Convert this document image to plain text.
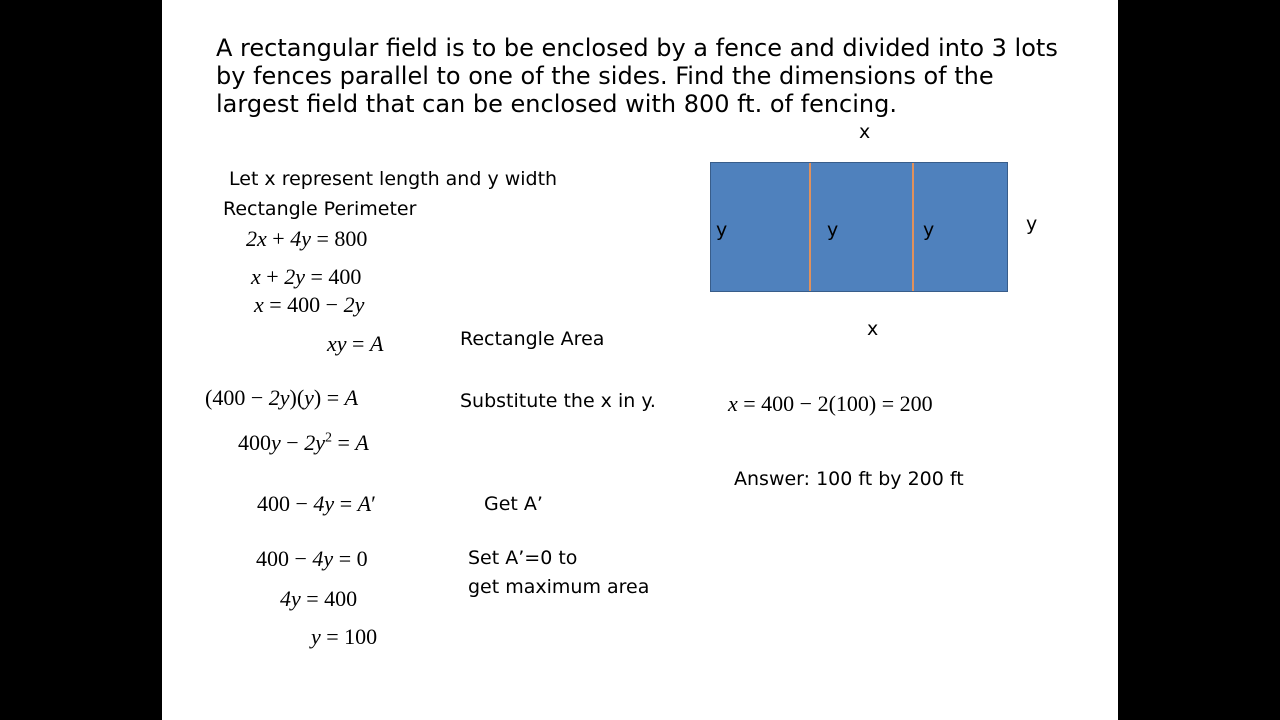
A rectangular field is to be enclosed by a fence and divided into 3 lots
by fences parallel to one of the sides. Find the dimensions of the
largest field that can be enclosed with 800 ft. of fencing.
Let x represent length and y width
Rectangle Perimeter
2x + 4y = 800
x + 2y = 400
x = 400 − 2y
xy = A
(400 − 2y)(y) = A
$400y - 2y^2 = A$
400 − 4y = A′
400 − 4y = 0
4y = 400
y = 100
Rectangle Area
Substitute the x in y.
Get A’
Set A’=0 to
get maximum area
x
y	y	y	y
x
x = 400 − 2(100) = 200
Answer: 100 ft by 200 ft
